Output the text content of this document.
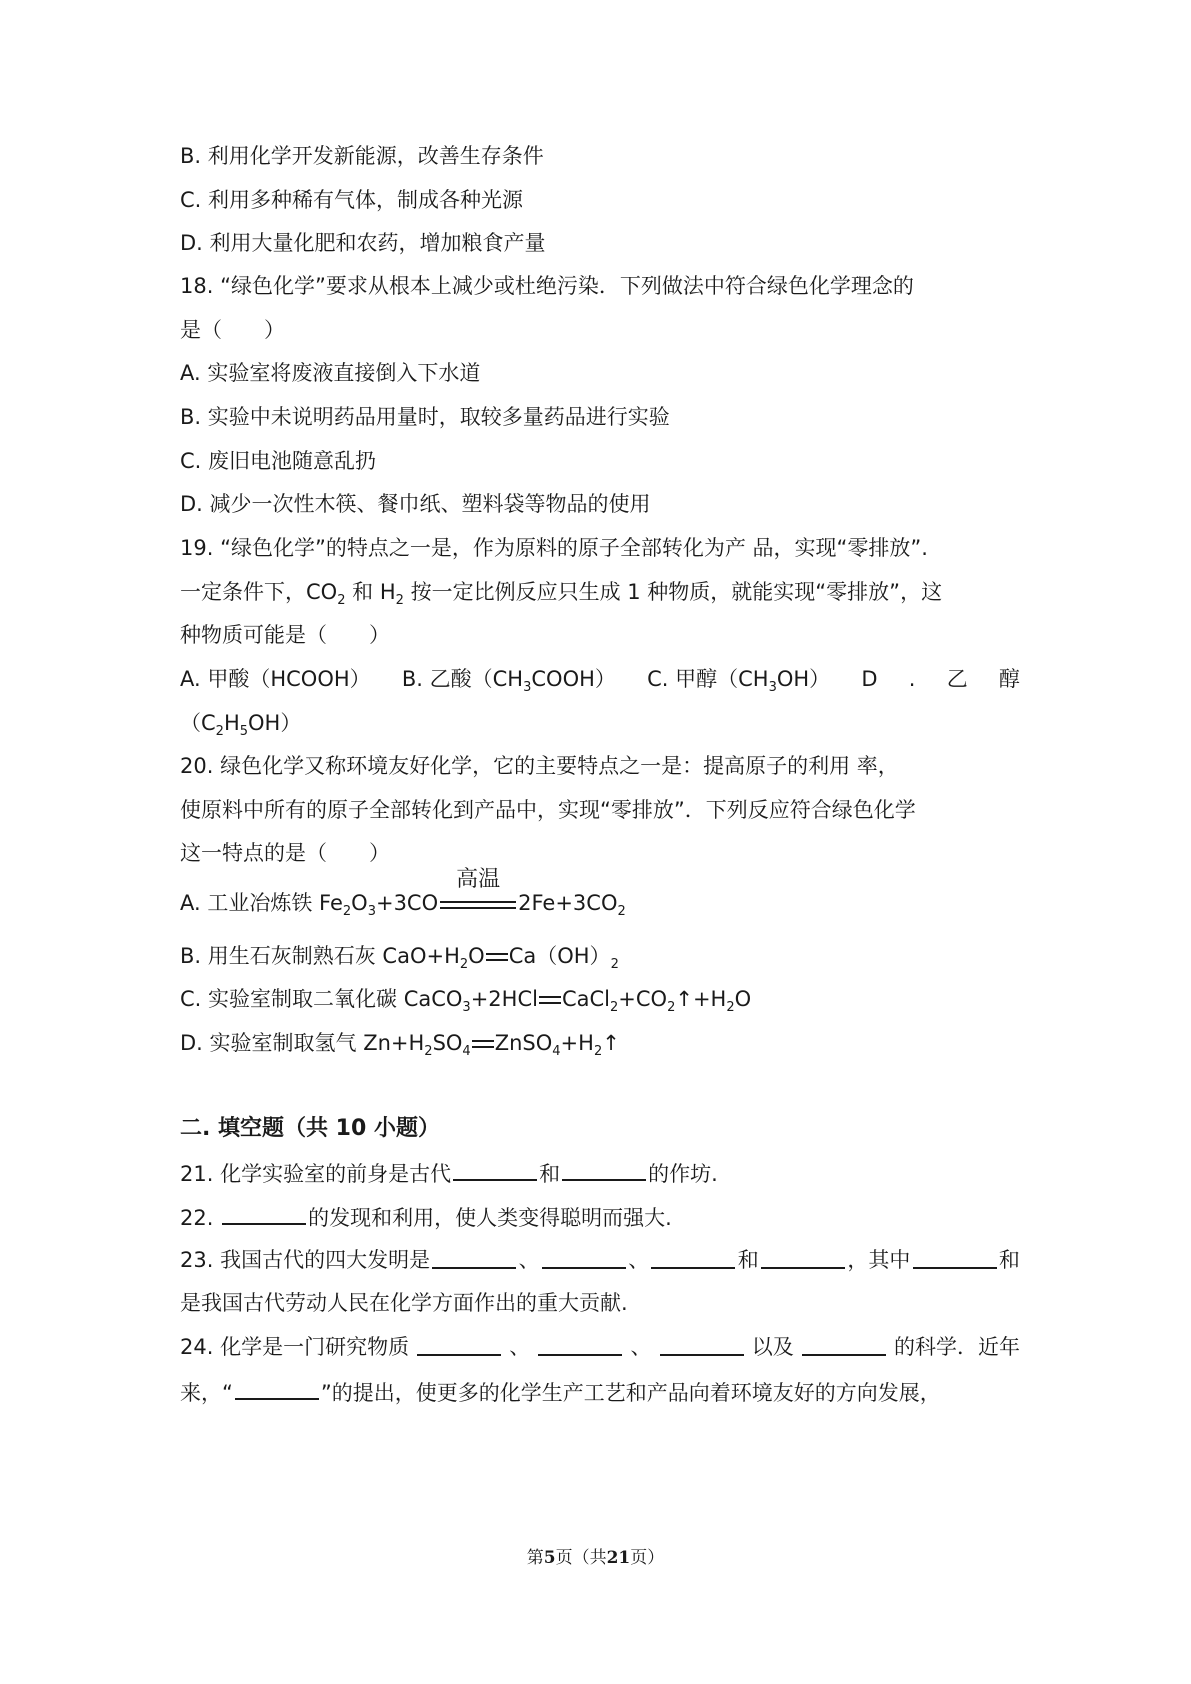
B. 利用化学开发新能源，改善生存条件
C. 利用多种稀有气体，制成各种光源
D. 利用大量化肥和农药，增加粮食产量
18. “绿色化学”要求从根本上减少或杜绝污染．下列做法中符合绿色化学理念的
是（　　）
A. 实验室将废液直接倒入下水道
B. 实验中未说明药品用量时，取较多量药品进行实验
C. 废旧电池随意乱扔
D. 减少一次性木筷、餐巾纸、塑料袋等物品的使用
19. “绿色化学”的特点之一是，作为原料的原子全部转化为产 品，实现“零排放”.
一定条件下，$CO_2$ 和 $H_2$ 按一定比例反应只生成 1 种物质，就能实现“零排放”，这
种物质可能是（　　）
A. 甲酸（HCOOH） B. 乙酸$(CH_3COOH)$ C. 甲醇$(CH_3OH)$ D . 乙 醇
$(C_2H_5OH)$
20. 绿色化学又称环境友好化学，它的主要特点之一是：提高原子的利用 率，
使原料中所有的原子全部转化到产品中，实现“零排放”．下列反应符合绿色化学
这一特点的是（　　）
A. 工业冶炼铁 $Fe_2O_3+3CO$
高温
$2Fe+3CO_2$
B. 用生石灰制熟石灰 $CaO+H_2O$ $Ca(OH)_2$
C. 实验室制取二氧化碳 CaCO$_3$+2HCl $CaCl_2+CO_2↑+H_2O$
D. 实验室制取氢气 $Zn+H_2SO_4$ $ZnSO_4+H_2↑$
二. 填空题（共 10 小题）
21. 化学实验室的前身是古代	和	的作坊.
22.	的发现和利用，使人类变得聪明而强大.
23. 我国古代的四大发明是	、	、	和	，其中	和
是我国古代劳动人民在化学方面作出的重大贡献.
24. 化学是一门研究物质	、	、	以及	的科学．近年
来，“	”的提出，使更多的化学生产工艺和产品向着环境友好的方向发展，
第5页（共21页）
